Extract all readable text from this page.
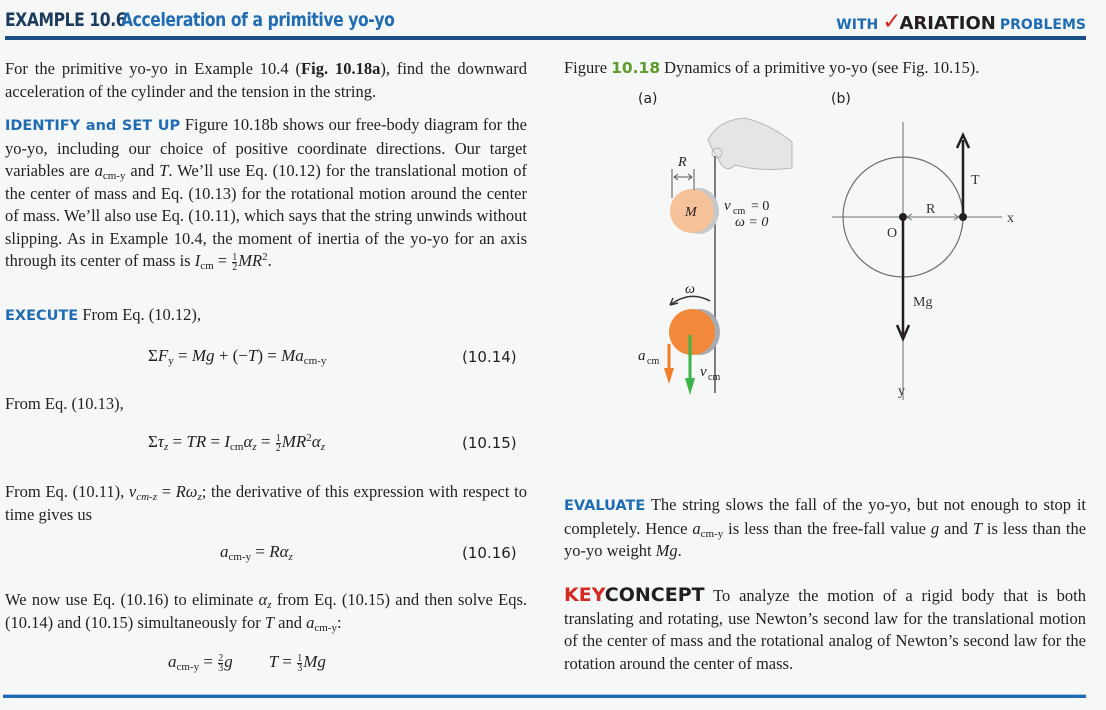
EXAMPLE 10.6
Acceleration of a primitive yo-yo	WITH ✓ARIATION PROBLEMS

For the primitive yo-yo in Example 10.4 (Fig. 10.18a), find the downward acceleration of the cylinder and the tension in the string.

IDENTIFY and SET UP Figure 10.18b shows our free-body diagram for the yo-yo, including our choice of positive coordinate directions. Our target variables are $a_{cm-y}$ and T. We’ll use Eq. (10.12) for the translational motion of the center of mass and Eq. (10.13) for the rotational motion around the center of mass. We’ll also use Eq. (10.11), which says that the string unwinds without slipping. As in Example 10.4, the moment of inertia of the yo-yo for an axis through its center of mass is $I_{cm} = \frac{1}{2} MR^2$.

EXECUTE From Eq. (10.12),

$\Sigma F_y = Mg + (-T) = Ma_{cm-y}$	(10.14)

From Eq. (10.13),

$\Sigma\tau_z$ = TR = $I_{cm}\alpha_z = \frac{1}{2} MR^2\alpha_z$	(10.15)

From Eq. (10.11), $v_{cm-z} = R\omega_z$; the derivative of this expression with respect to time gives us

$a_{cm-y} = R\alpha_z$	(10.16)

We now use Eq. (10.16) to eliminate $\alpha_z$ from Eq. (10.15) and then solve Eqs. (10.14) and (10.15) simultaneously for T and $a_{cm-y}$:

$a_{cm-y} = \frac{2}{3}$ g $T = \frac{1}{3}$ Mg
Figure 10.18 Dynamics of a primitive yo-yo (see Fig. 10.15).
(a)	(b)
R
M v cm = 0
ω = 0
ω
a cm
v cm
T
R
O
x
Mg
y

EVALUATE The string slows the fall of the yo-yo, but not enough to stop it completely. Hence $a_{cm-y}$ is less than the free-fall value g and T is less than the yo-yo weight Mg.

KEYCONCEPT To analyze the motion of a rigid body that is both translating and rotating, use Newton’s second law for the translational motion of the center of mass and the rotational analog of Newton’s second law for the rotation around the center of mass.
